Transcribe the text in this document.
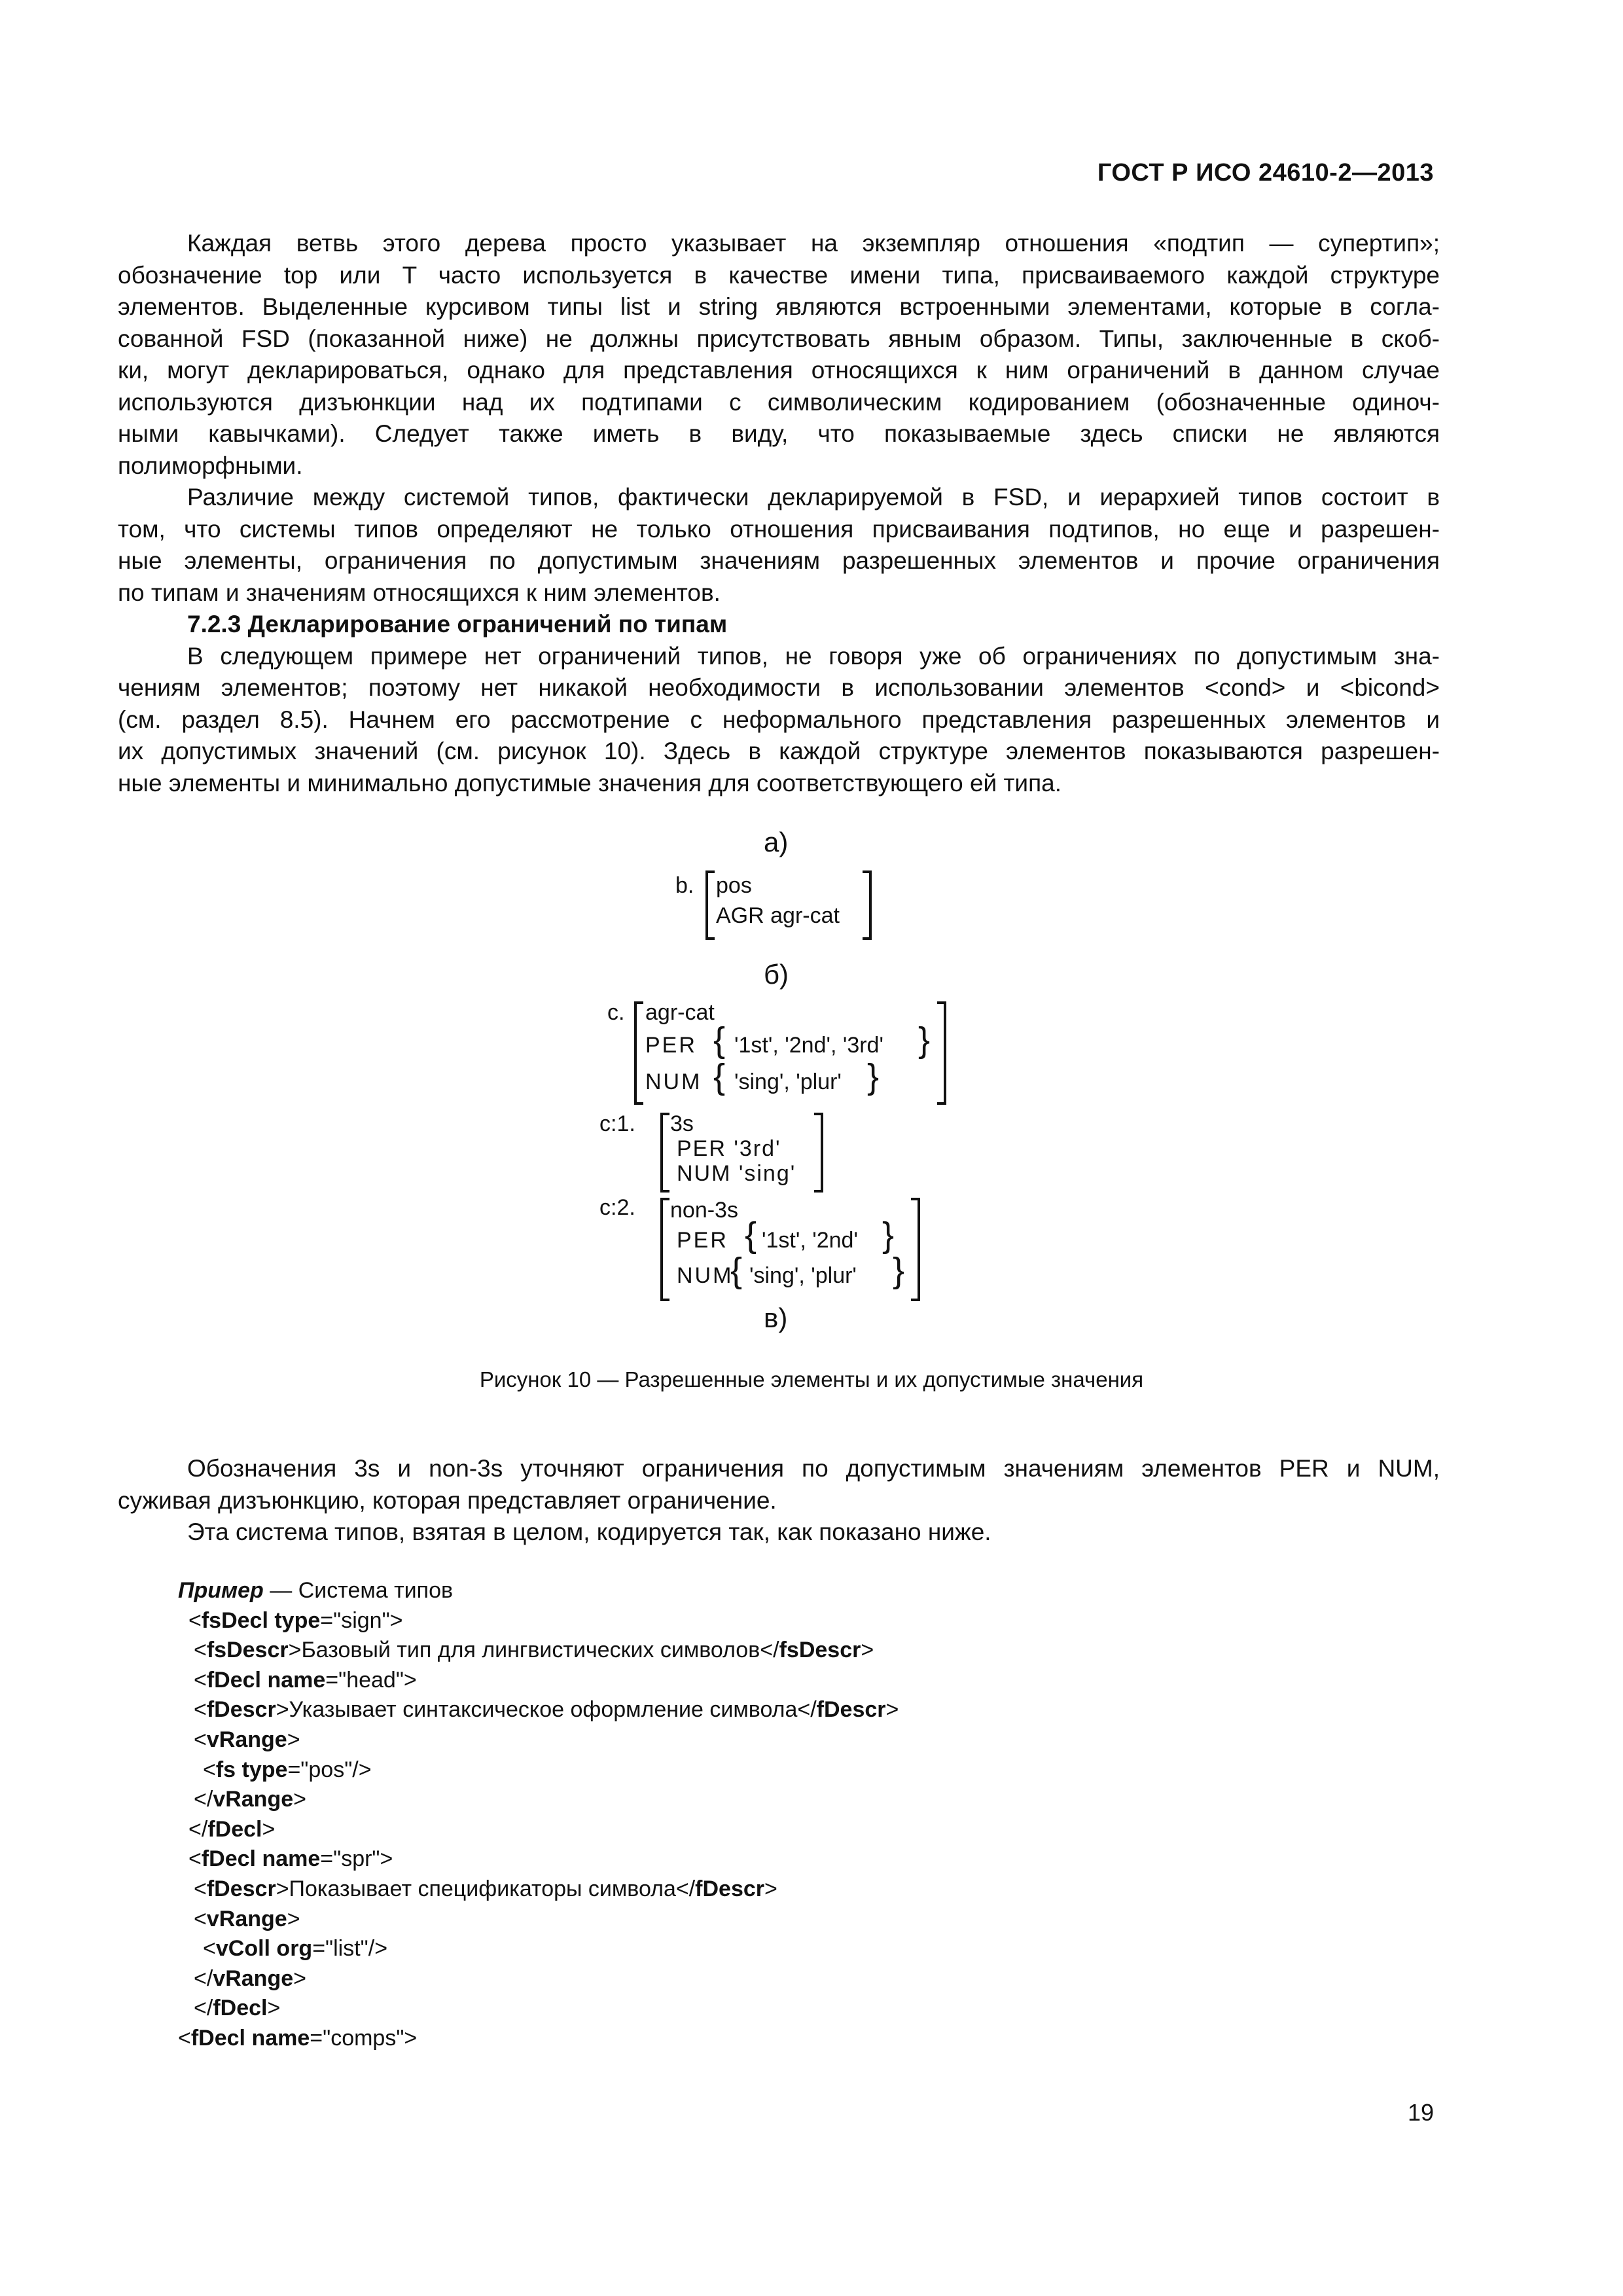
ГОСТ Р ИСО 24610-2—2013
Каждая ветвь этого дерева просто указывает на экземпляр отношения «подтип — супертип»;
обозначение top или T часто используется в качестве имени типа, присваиваемого каждой структуре
элементов. Выделенные курсивом типы list и string являются встроенными элементами, которые в согла-
сованной FSD (показанной ниже) не должны присутствовать явным образом. Типы, заключенные в скоб-
ки, могут декларироваться, однако для представления относящихся к ним ограничений в данном случае
используются дизъюнкции над их подтипами с символическим кодированием (обозначенные одиноч-
ными кавычками). Следует также иметь в виду, что показываемые здесь списки не являются
полиморфными.
Различие между системой типов, фактически декларируемой в FSD, и иерархией типов состоит в
том, что системы типов определяют не только отношения присваивания подтипов, но еще и разрешен-
ные элементы, ограничения по допустимым значениям разрешенных элементов и прочие ограничения
по типам и значениям относящихся к ним элементов.
7.2.3 Декларирование ограничений по типам
В следующем примере нет ограничений типов, не говоря уже об ограничениях по допустимым зна-
чениям элементов; поэтому нет никакой необходимости в использовании элементов <cond> и <bicond>
(см. раздел 8.5). Начнем его рассмотрение с неформального представления разрешенных элементов и
их допустимых значений (см. рисунок 10). Здесь в каждой структуре элементов показываются разрешен-
ные элементы и минимально допустимые значения для соответствующего ей типа.
а)
b. pos
AGR agr-cat
б)
c. agr-cat
PER { '1st', '2nd', '3rd' }
NUM { 'sing', 'plur' }
c:1. 3s
PER '3rd'
NUM 'sing'
c:2. non-3s
PER { '1st', '2nd' }
NUM
{ 'sing', 'plur' }
в)
Рисунок 10 — Разрешенные элементы и их допустимые значения
Обозначения 3s и non-3s уточняют ограничения по допустимым значениям элементов PER и NUM,
суживая дизъюнкцию, которая представляет ограничение.
Эта система типов, взятая в целом, кодируется так, как показано ниже.
Пример — Система типов
<fsDecl type="sign">
<fsDescr>Базовый тип для лингвистических символов</fsDescr>
<fDecl name="head">
<fDescr>Указывает синтаксическое оформление символа</fDescr>
<vRange>
<fs type="pos"/>
</vRange>
</fDecl>
<fDecl name="spr">
<fDescr>Показывает спецификаторы символа</fDescr>
<vRange>
<vColl org="list"/>
</vRange>
</fDecl>
<fDecl name="comps">
19
